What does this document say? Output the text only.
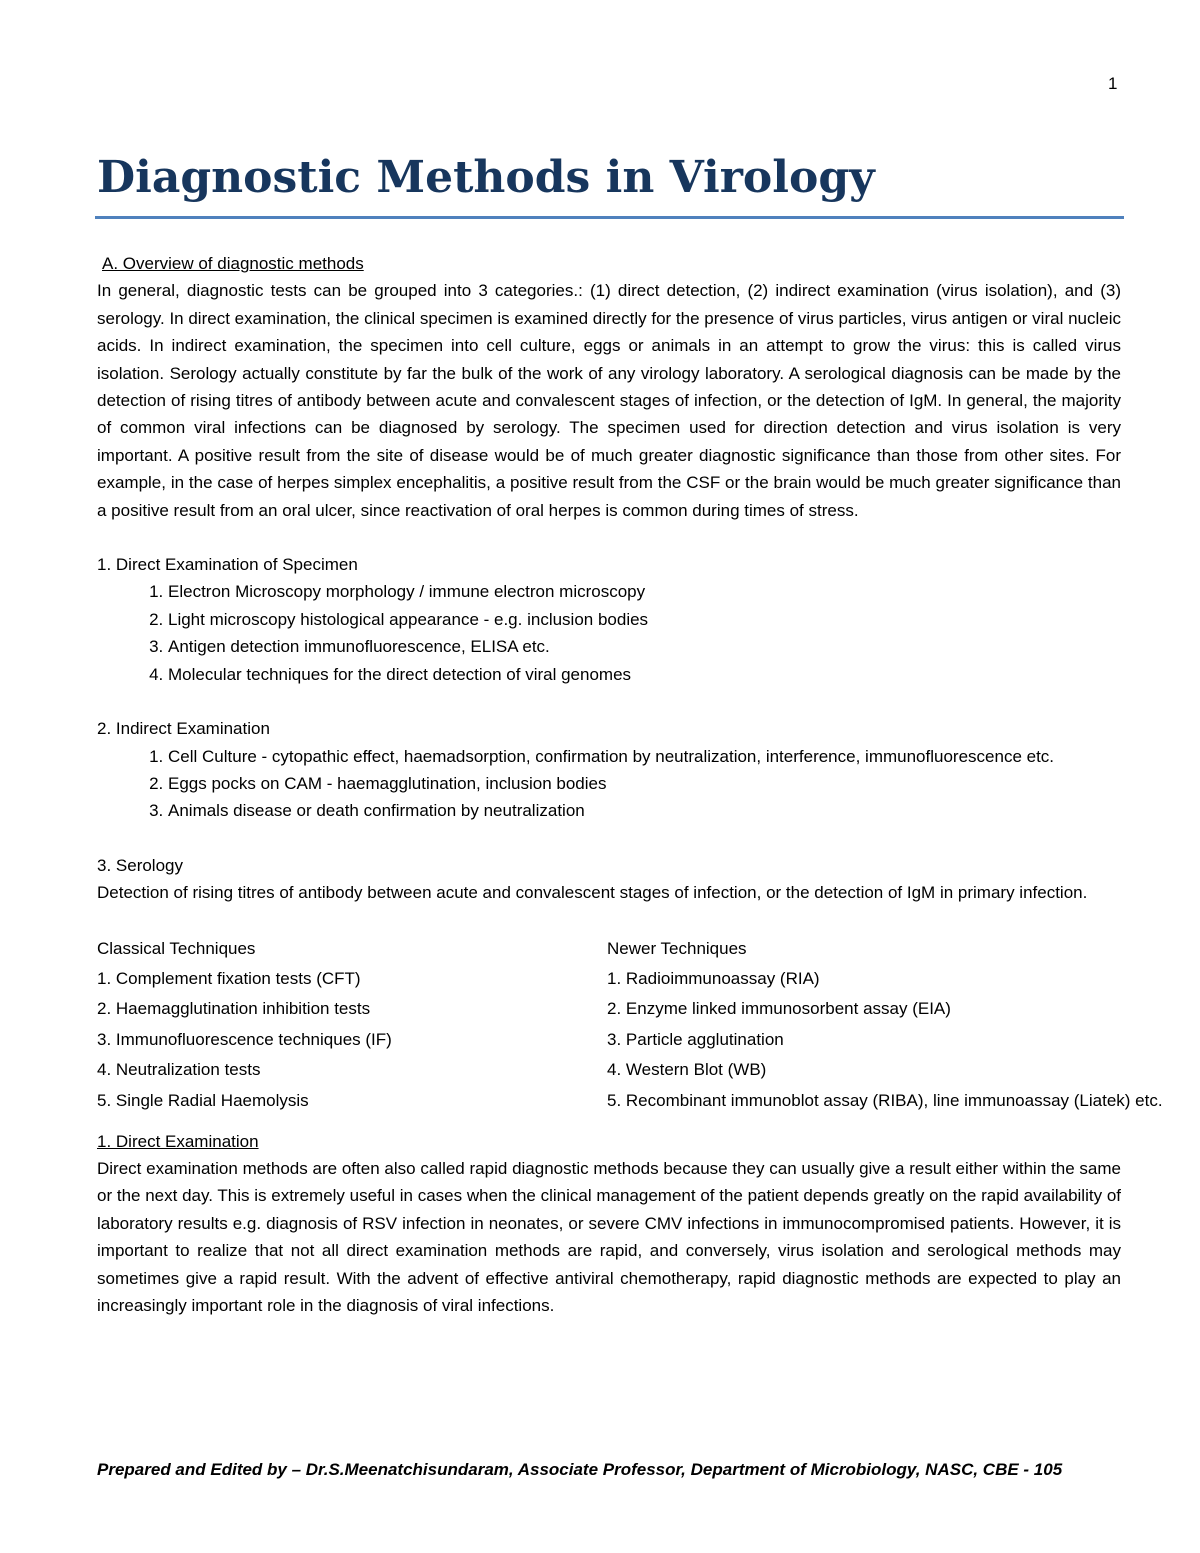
1
Diagnostic Methods in Virology
A. Overview of diagnostic methods

In general, diagnostic tests can be grouped into 3 categories.: (1) direct detection, (2) indirect examination (virus isolation), and (3) serology. In direct examination, the clinical specimen is examined directly for the presence of virus particles, virus antigen or viral nucleic acids. In indirect examination, the specimen into cell culture, eggs or animals in an attempt to grow the virus: this is called virus isolation. Serology actually constitute by far the bulk of the work of any virology laboratory. A serological diagnosis can be made by the detection of rising titres of antibody between acute and convalescent stages of infection, or the detection of IgM. In general, the majority of common viral infections can be diagnosed by serology. The specimen used for direction detection and virus isolation is very important. A positive result from the site of disease would be of much greater diagnostic significance than those from other sites. For example, in the case of herpes simplex encephalitis, a positive result from the CSF or the brain would be much greater significance than a positive result from an oral ulcer, since reactivation of oral herpes is common during times of stress.

1. Direct Examination of Specimen
1. Electron Microscopy morphology / immune electron microscopy
2. Light microscopy histological appearance - e.g. inclusion bodies
3. Antigen detection immunofluorescence, ELISA etc.
4. Molecular techniques for the direct detection of viral genomes
2. Indirect Examination
1. Cell Culture - cytopathic effect, haemadsorption, confirmation by neutralization, interference, immunofluorescence etc.
2. Eggs pocks on CAM - haemagglutination, inclusion bodies
3. Animals disease or death confirmation by neutralization
3. Serology

Detection of rising titres of antibody between acute and convalescent stages of infection, or the detection of IgM in primary infection.

Classical Techniques
1. Complement fixation tests (CFT)
2. Haemagglutination inhibition tests
3. Immunofluorescence techniques (IF)
4. Neutralization tests
5. Single Radial Haemolysis
Newer Techniques
1. Radioimmunoassay (RIA)
2. Enzyme linked immunosorbent assay (EIA)
3. Particle agglutination
4. Western Blot (WB)
5. Recombinant immunoblot assay (RIBA), line immunoassay (Liatek) etc.
1. Direct Examination

Direct examination methods are often also called rapid diagnostic methods because they can usually give a result either within the same or the next day. This is extremely useful in cases when the clinical management of the patient depends greatly on the rapid availability of laboratory results e.g. diagnosis of RSV infection in neonates, or severe CMV infections in immunocompromised patients. However, it is important to realize that not all direct examination methods are rapid, and conversely, virus isolation and serological methods may sometimes give a rapid result. With the advent of effective antiviral chemotherapy, rapid diagnostic methods are expected to play an increasingly important role in the diagnosis of viral infections.

Prepared and Edited by – Dr.S.Meenatchisundaram, Associate Professor, Department of Microbiology, NASC, CBE - 105
